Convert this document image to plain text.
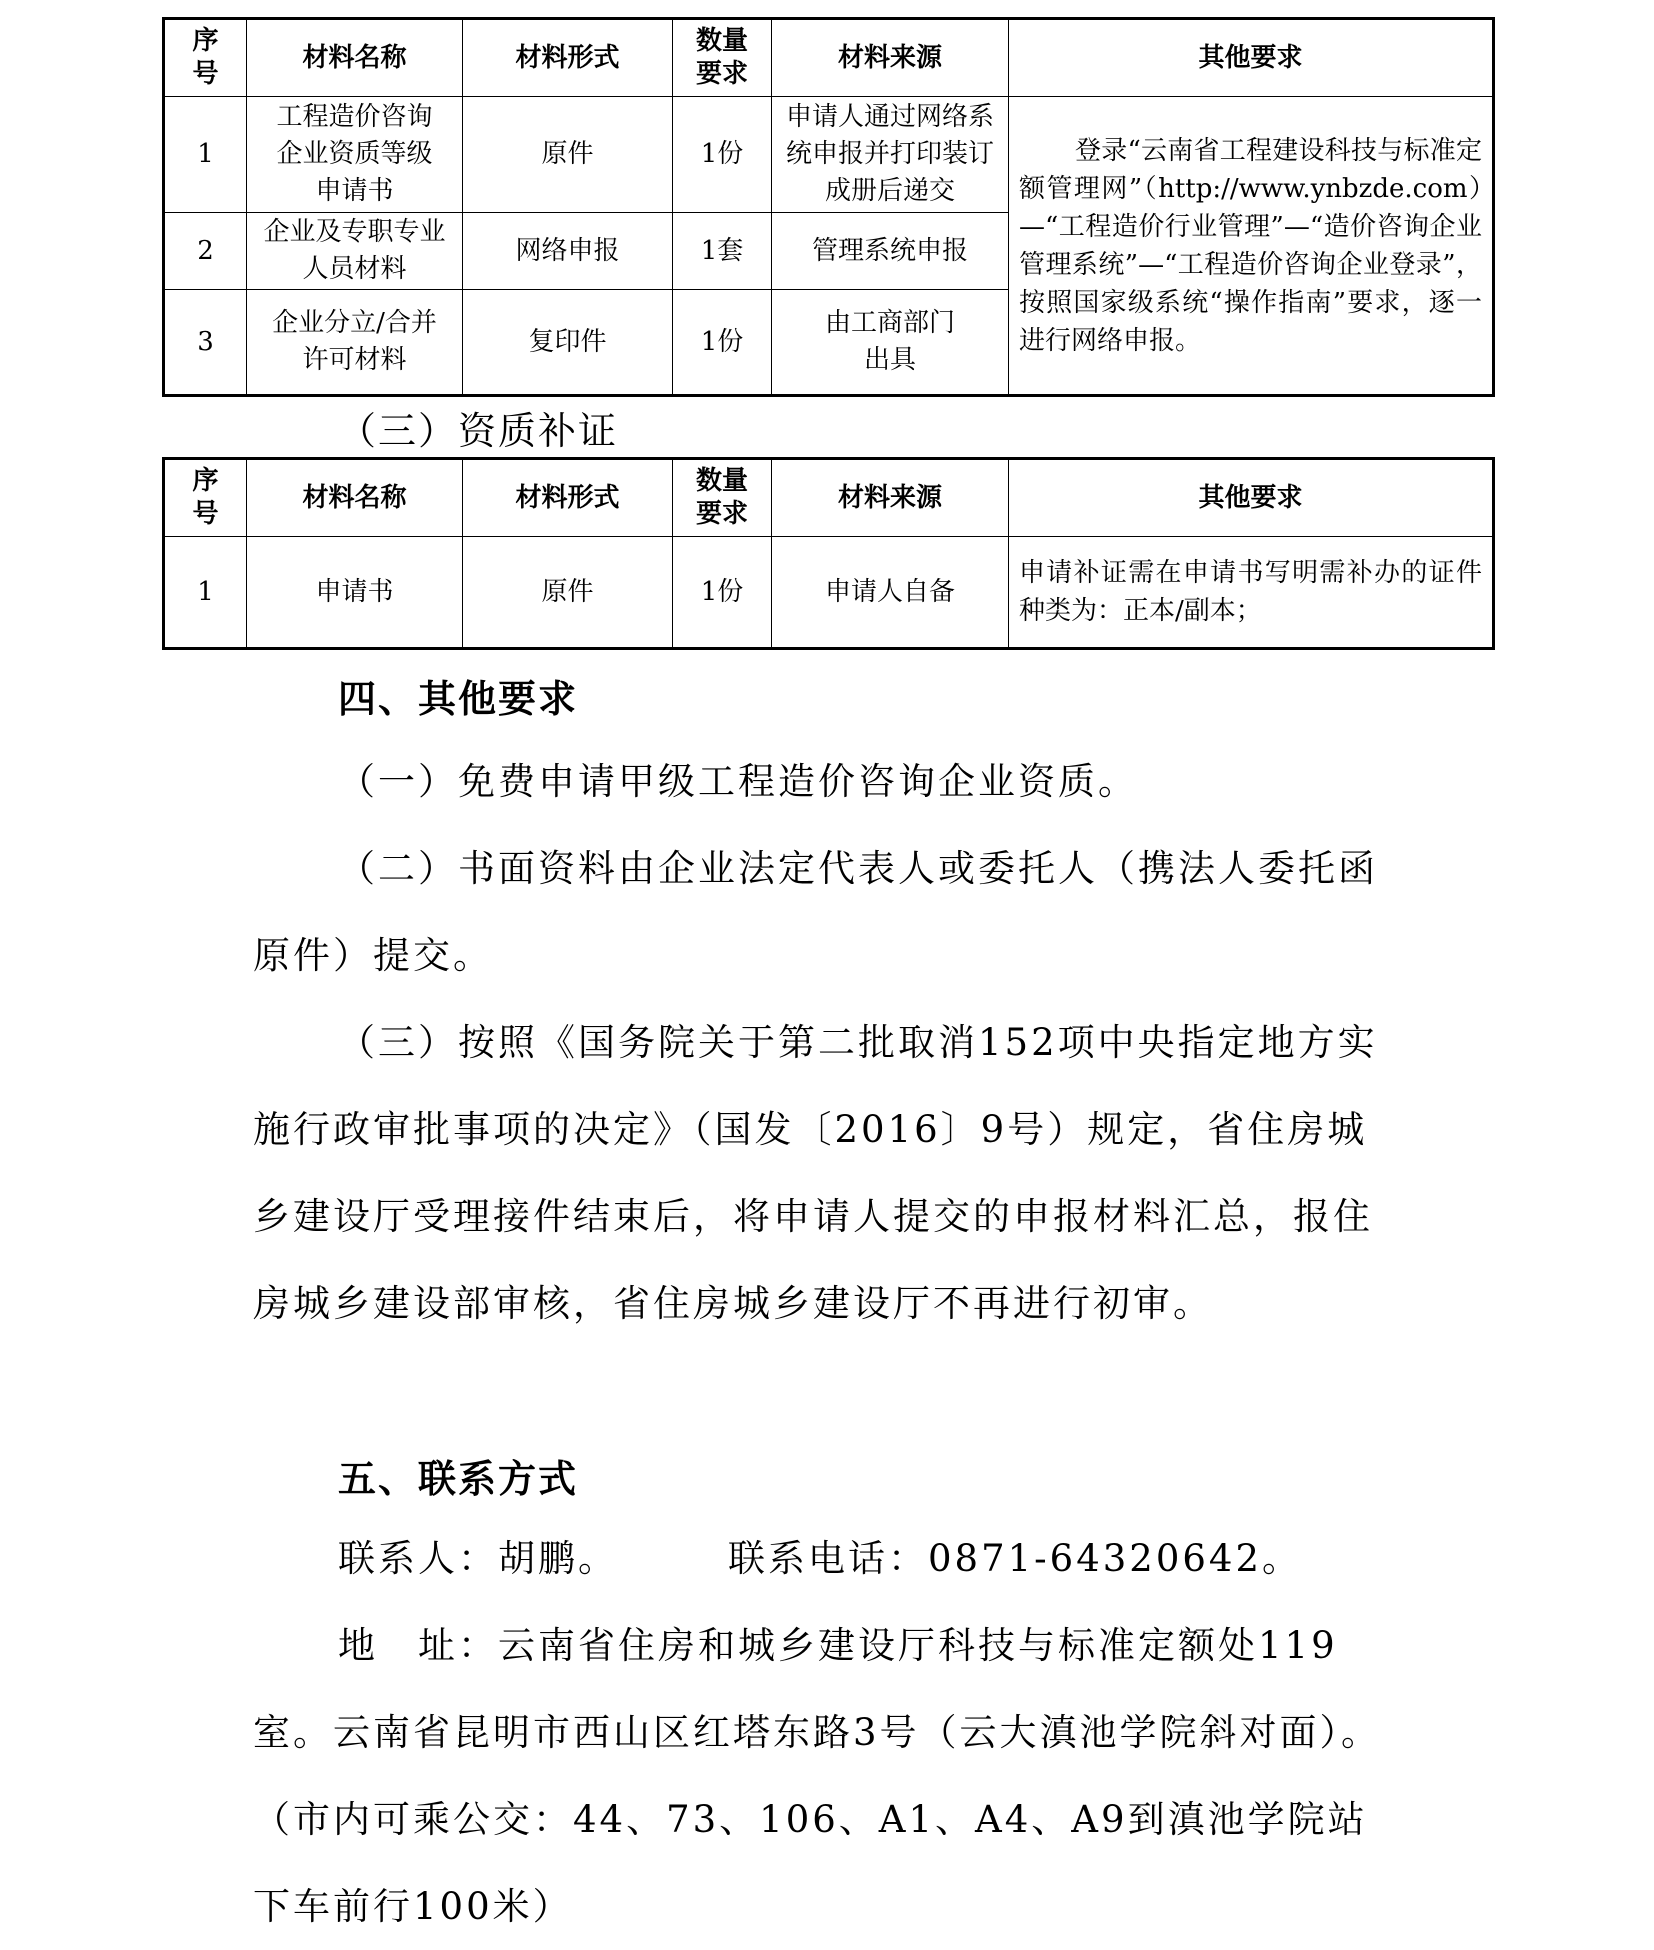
序号	材料名称	材料形式	数量要求	材料来源	其他要求
1	工程造价咨询企业资质等级申请书	原件	1份	申请人通过网络系统申报并打印装订成册后递交	登录“云南省工程建设科技与标准定额管理网”（http://www.ynbzde.com）—“工程造价行业管理”—“造价咨询企业管理系统”—“工程造价咨询企业登录”，按照国家级系统“操作指南”要求，逐一进行网络申报。
2	企业及专职专业人员材料	网络申报	1套	管理系统申报	
3	企业分立/合并许可材料	复印件	1份	由工商部门出具	
（三）资质补证
序号	材料名称	材料形式	数量要求	材料来源	其他要求
1	申请书	原件	1份	申请人自备	申请补证需在申请书写明需补办的证件种类为：正本/副本；
四、其他要求

（一）免费申请甲级工程造价咨询企业资质。

（二）书面资料由企业法定代表人或委托人（携法人委托函原件）提交。

（三）按照《国务院关于第二批取消152项中央指定地方实施行政审批事项的决定》（国发〔2016〕9号）规定，省住房城乡建设厅受理接件结束后，将申请人提交的申报材料汇总，报住房城乡建设部审核，省住房城乡建设厅不再进行初审。

五、联系方式

联系人：胡鹏。	联系电话：0871-64320642。

地 址：云南省住房和城乡建设厅科技与标准定额处119室。云南省昆明市西山区红塔东路3号（云大滇池学院斜对面）。（市内可乘公交：44、73、106、A1、A4、A9到滇池学院站下车前行100米）
